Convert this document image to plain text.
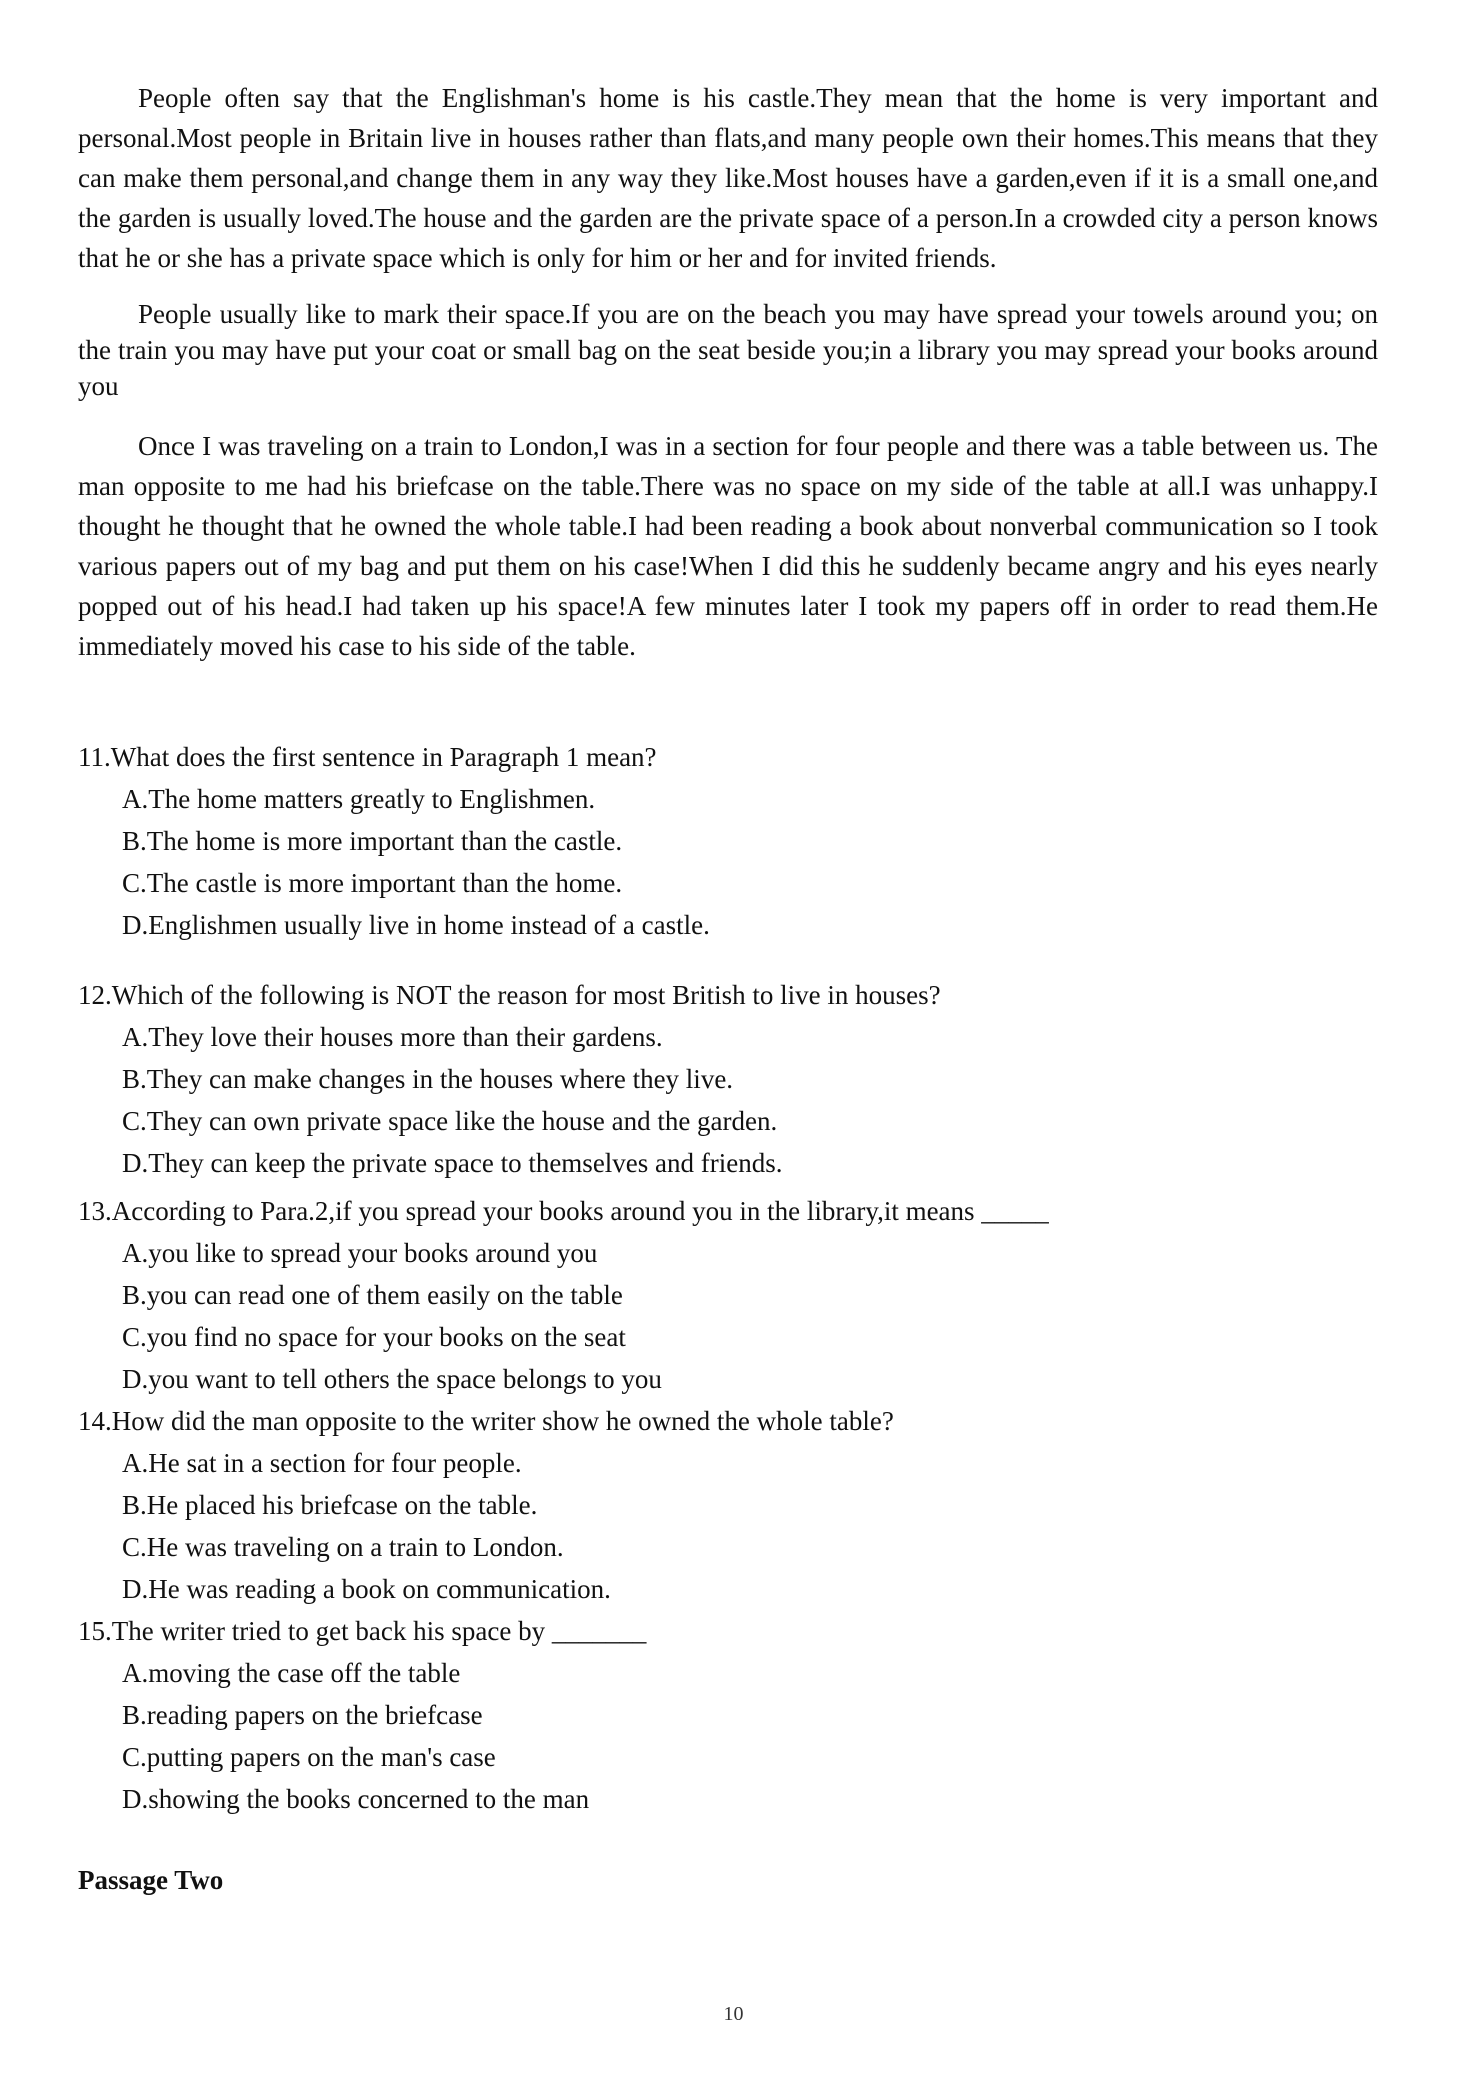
People often say that the Englishman's home is his castle.They mean that the home is very important and personal.Most people in Britain live in houses rather than flats,and many people own their homes.This means that they can make them personal,and change them in any way they like.Most houses have a garden,even if it is a small one,and the garden is usually loved.The house and the garden are the private space of a person.In a crowded city a person knows that he or she has a private space which is only for him or her and for invited friends.

People usually like to mark their space.If you are on the beach you may have spread your towels around you; on the train you may have put your coat or small bag on the seat beside you;in a library you may spread your books around you

Once I was traveling on a train to London,I was in a section for four people and there was a table between us. The man opposite to me had his briefcase on the table.There was no space on my side of the table at all.I was unhappy.I thought he thought that he owned the whole table.I had been reading a book about nonverbal communication so I took various papers out of my bag and put them on his case!When I did this he suddenly became angry and his eyes nearly popped out of his head.I had taken up his space!A few minutes later I took my papers off in order to read them.He immediately moved his case to his side of the table.

11.What does the first sentence in Paragraph 1 mean?

A.The home matters greatly to Englishmen.

B.The home is more important than the castle.

C.The castle is more important than the home.

D.Englishmen usually live in home instead of a castle.

12.Which of the following is NOT the reason for most British to live in houses?

A.They love their houses more than their gardens.

B.They can make changes in the houses where they live.

C.They can own private space like the house and the garden.

D.They can keep the private space to themselves and friends.

13.According to Para.2,if you spread your books around you in the library,it means _____

A.you like to spread your books around you

B.you can read one of them easily on the table

C.you find no space for your books on the seat

D.you want to tell others the space belongs to you

14.How did the man opposite to the writer show he owned the whole table?

A.He sat in a section for four people.

B.He placed his briefcase on the table.

C.He was traveling on a train to London.

D.He was reading a book on communication.

15.The writer tried to get back his space by _______

A.moving the case off the table

B.reading papers on the briefcase

C.putting papers on the man's case

D.showing the books concerned to the man

Passage Two

10
